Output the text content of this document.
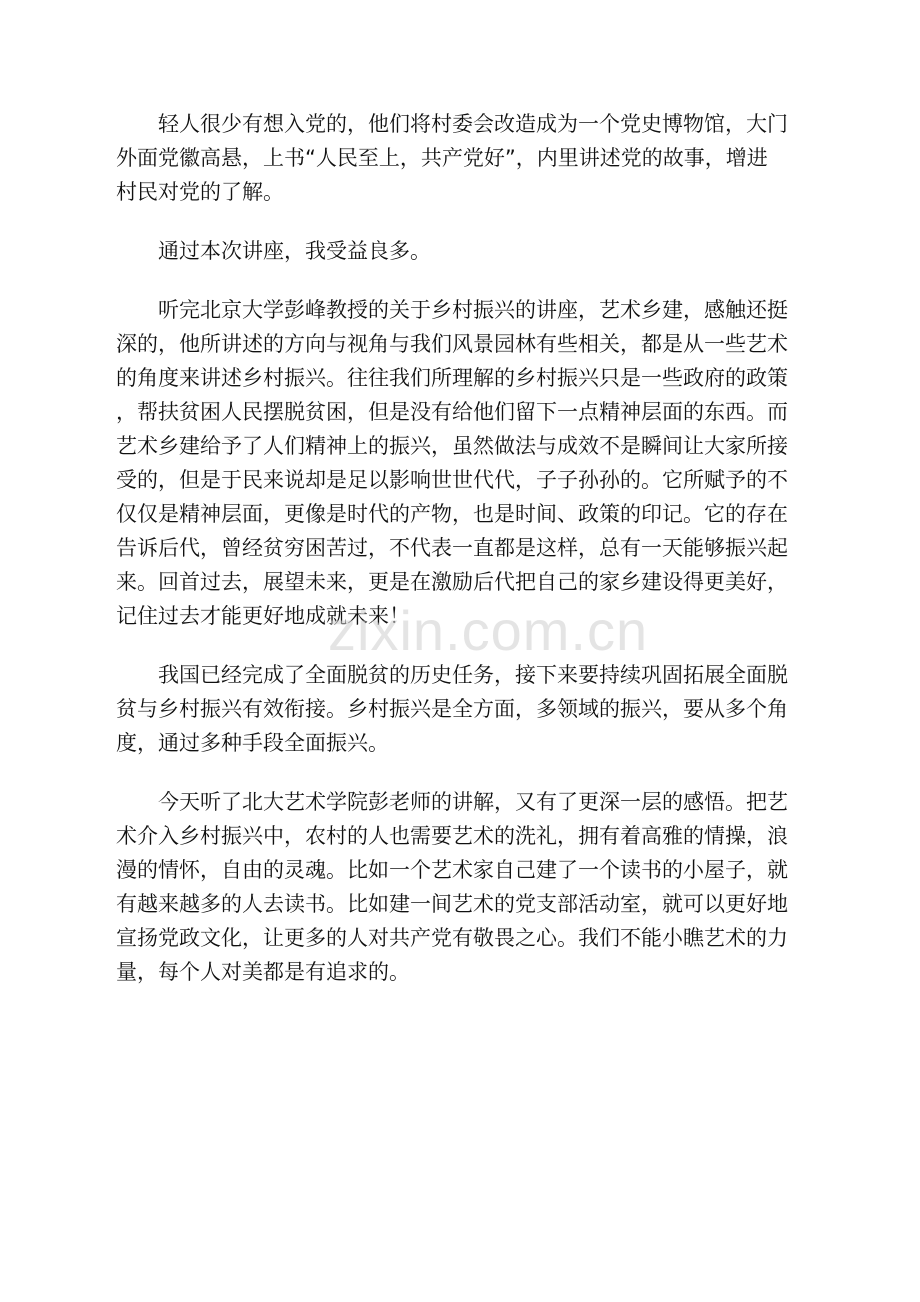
　　轻人很少有想入党的，他们将村委会改造成为一个党史博物馆，大门
外面党徽高悬，上书“人民至上，共产党好”，内里讲述党的故事，增进
村民对党的了解。
　　通过本次讲座，我受益良多。
　　听完北京大学彭峰教授的关于乡村振兴的讲座，艺术乡建，感触还挺
深的，他所讲述的方向与视角与我们风景园林有些相关，都是从一些艺术
的角度来讲述乡村振兴。往往我们所理解的乡村振兴只是一些政府的政策
，帮扶贫困人民摆脱贫困，但是没有给他们留下一点精神层面的东西。而
艺术乡建给予了人们精神上的振兴，虽然做法与成效不是瞬间让大家所接
受的，但是于民来说却是足以影响世世代代，子子孙孙的。它所赋予的不
仅仅是精神层面，更像是时代的产物，也是时间、政策的印记。它的存在
告诉后代，曾经贫穷困苦过，不代表一直都是这样，总有一天能够振兴起
来。回首过去，展望未来，更是在激励后代把自己的家乡建设得更美好，
记住过去才能更好地成就未来！
　　我国已经完成了全面脱贫的历史任务，接下来要持续巩固拓展全面脱
贫与乡村振兴有效衔接。乡村振兴是全方面，多领域的振兴，要从多个角
度，通过多种手段全面振兴。
　　今天听了北大艺术学院彭老师的讲解，又有了更深一层的感悟。把艺
术介入乡村振兴中，农村的人也需要艺术的洗礼，拥有着高雅的情操，浪
漫的情怀，自由的灵魂。比如一个艺术家自己建了一个读书的小屋子，就
有越来越多的人去读书。比如建一间艺术的党支部活动室，就可以更好地
宣扬党政文化，让更多的人对共产党有敬畏之心。我们不能小瞧艺术的力
量，每个人对美都是有追求的。
zixin.com.cn
